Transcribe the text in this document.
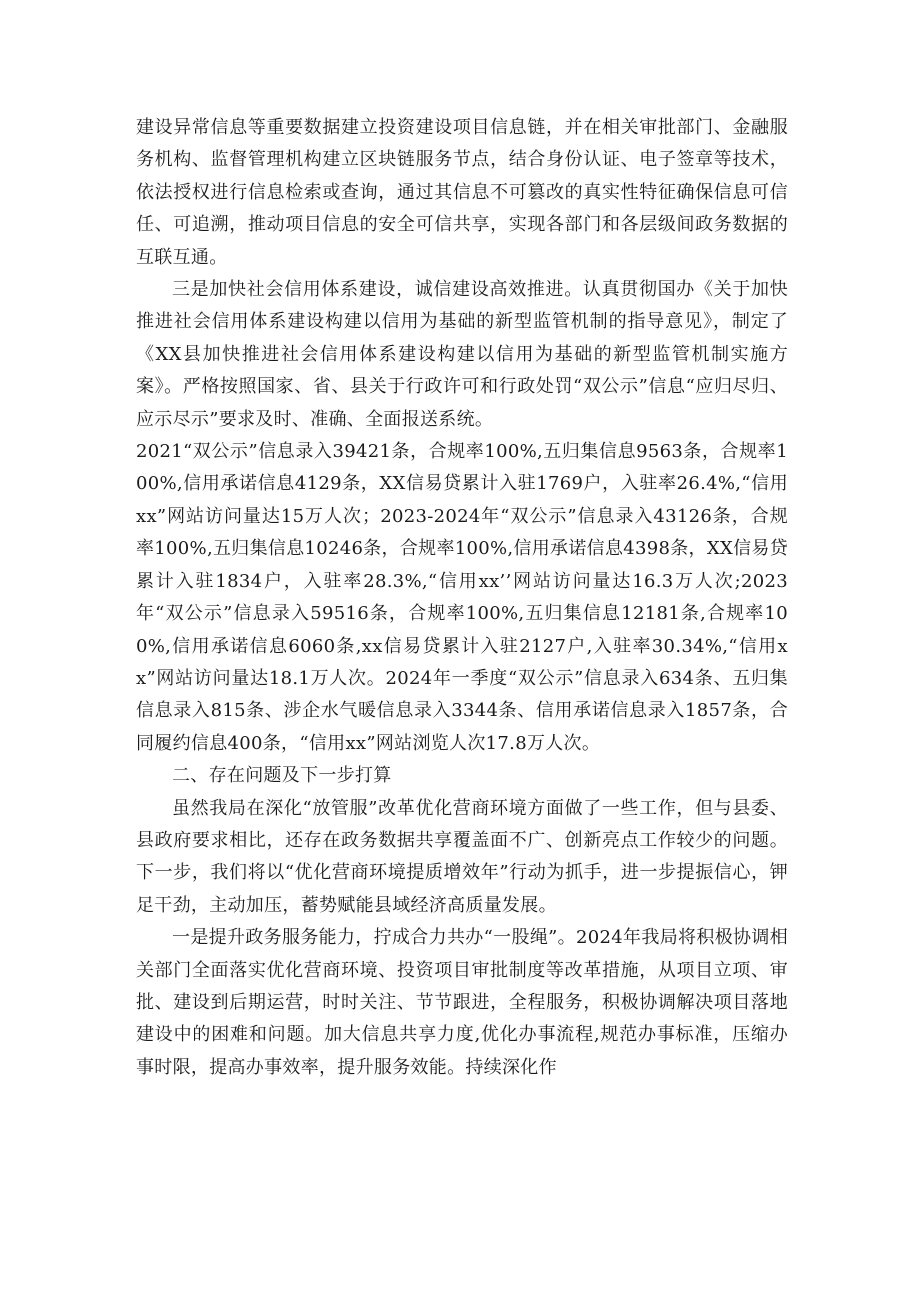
建设异常信息等重要数据建立投资建设项目信息链，并在相关审批部门、金融服务机构、监督管理机构建立区块链服务节点，结合身份认证、电子签章等技术，依法授权进行信息检索或查询，通过其信息不可篡改的真实性特征确保信息可信任、可追溯，推动项目信息的安全可信共享，实现各部门和各层级间政务数据的互联互通。

三是加快社会信用体系建设，诚信建设高效推进。认真贯彻国办《关于加快推进社会信用体系建设构建以信用为基础的新型监管机制的指导意见》，制定了《XX县加快推进社会信用体系建设构建以信用为基础的新型监管机制实施方案》。严格按照国家、省、县关于行政许可和行政处罚“双公示”信息“应归尽归、应示尽示”要求及时、准确、全面报送系统。

2021“双公示”信息录入39421条，合规率100%,五归集信息9563条，合规率100%,信用承诺信息4129条，XX信易贷累计入驻1769户，入驻率26.4%,“信用xx”网站访问量达15万人次；2023-2024年“双公示”信息录入43126条，合规率100%,五归集信息10246条，合规率100%,信用承诺信息4398条，XX信易贷累计入驻1834户，入驻率28.3%,“信用xx’’网站访问量达16.3万人次;2023年“双公示”信息录入59516条，合规率100%,五归集信息12181条,合规率100%,信用承诺信息6060条,xx信易贷累计入驻2127户,入驻率30.34%,“信用xx”网站访问量达18.1万人次。2024年一季度“双公示”信息录入634条、五归集信息录入815条、涉企水气暖信息录入3344条、信用承诺信息录入1857条，合同履约信息400条，“信用xx”网站浏览人次17.8万人次。

二、存在问题及下一步打算

虽然我局在深化“放管服”改革优化营商环境方面做了一些工作，但与县委、县政府要求相比，还存在政务数据共享覆盖面不广、创新亮点工作较少的问题。下一步，我们将以“优化营商环境提质增效年”行动为抓手，进一步提振信心，钾足干劲，主动加压，蓄势赋能县域经济高质量发展。

一是提升政务服务能力，拧成合力共办“一股绳”。2024年我局将积极协调相关部门全面落实优化营商环境、投资项目审批制度等改革措施，从项目立项、审批、建设到后期运营，时时关注、节节跟进，全程服务，积极协调解决项目落地建设中的困难和问题。加大信息共享力度,优化办事流程,规范办事标准，压缩办事时限，提高办事效率，提升服务效能。持续深化作
